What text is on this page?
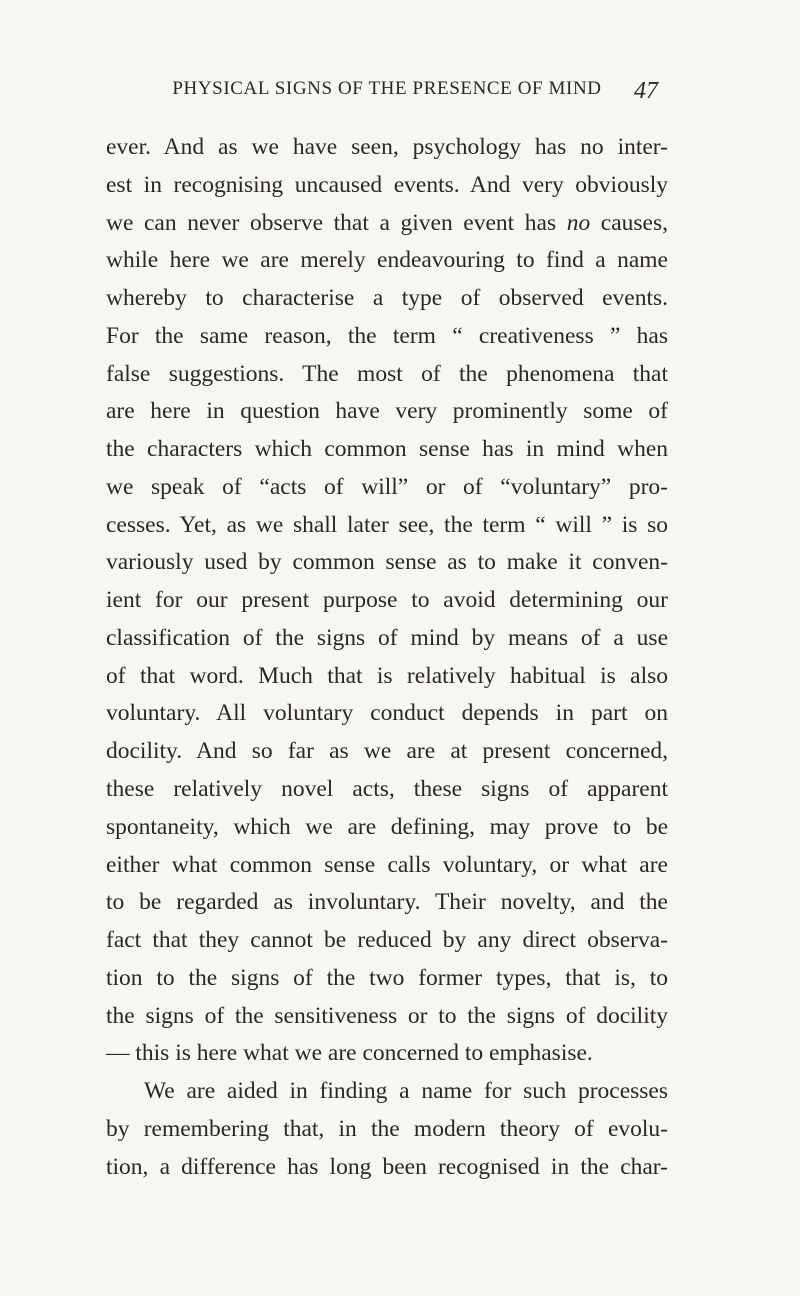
PHYSICAL SIGNS OF THE PRESENCE OF MIND	47
ever. And as we have seen, psychology has no inter-
est in recognising uncaused events. And very obviously
we can never observe that a given event has no causes,
while here we are merely endeavouring to find a name
whereby to characterise a type of observed events.
For the same reason, the term “ creativeness ” has
false suggestions. The most of the phenomena that
are here in question have very prominently some of
the characters which common sense has in mind when
we speak of “acts of will” or of “voluntary” pro-
cesses. Yet, as we shall later see, the term “ will ” is so
variously used by common sense as to make it conven-
ient for our present purpose to avoid determining our
classification of the signs of mind by means of a use
of that word. Much that is relatively habitual is also
voluntary. All voluntary conduct depends in part on
docility. And so far as we are at present concerned,
these relatively novel acts, these signs of apparent
spontaneity, which we are defining, may prove to be
either what common sense calls voluntary, or what are
to be regarded as involuntary. Their novelty, and the
fact that they cannot be reduced by any direct observa-
tion to the signs of the two former types, that is, to
the signs of the sensitiveness or to the signs of docility
— this is here what we are concerned to emphasise.
We are aided in finding a name for such processes
by remembering that, in the modern theory of evolu-
tion, a difference has long been recognised in the char-
